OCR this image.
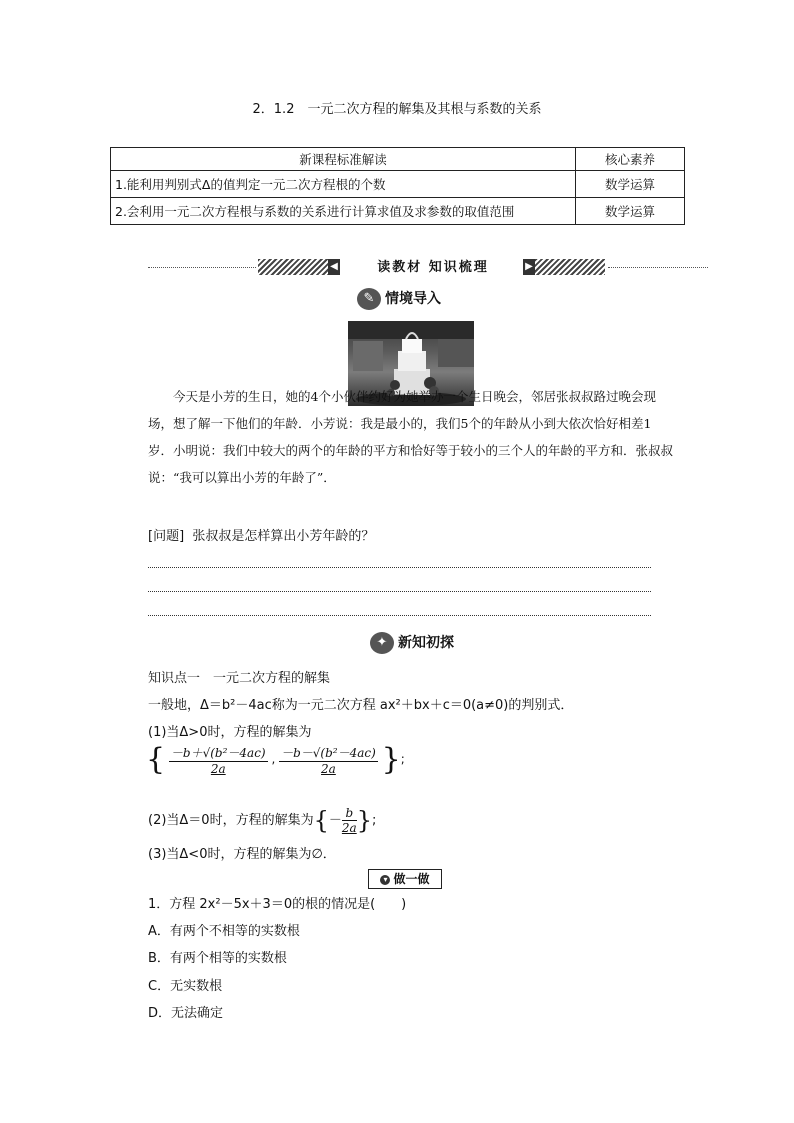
2．1.2　一元二次方程的解集及其根与系数的关系
新课程标准解读	核心素养
1.能利用判别式Δ的值判定一元二次方程根的个数	数学运算
2.会利用一元二次方程根与系数的关系进行计算求值及求参数的取值范围	数学运算
◀	读教材 知识梳理	▶
✎ 情境导入
今天是小芳的生日，她的4个小伙伴约好为她举办一个生日晚会，邻居张叔叔路过晚会现场，想了解一下他们的年龄．小芳说：我是最小的，我们5个的年龄从小到大依次恰好相差1岁．小明说：我们中较大的两个的年龄的平方和恰好等于较小的三个人的年龄的平方和．张叔叔说：“我可以算出小芳的年龄了”．
[问题] 张叔叔是怎样算出小芳年龄的？
✦ 新知初探
知识点一　一元二次方程的解集
一般地，Δ＝b²－4ac称为一元二次方程 ax²＋bx＋c＝0(a≠0)的判别式．
(1)当Δ>0时，方程的解集为
{ $\frac{\text{－b＋√(b²－4ac)}}{2a}$ , $\frac{\text{－b－√(b²－4ac)}}{2a}$ };
(2)当Δ＝0时，方程的解集为{－ $\frac{b}{2a}$ };
(3)当Δ<0时，方程的解集为∅．
▾ 做一做
1．方程 2x²－5x＋3＝0的根的情况是(　　)
A．有两个不相等的实数根
B．有两个相等的实数根
C．无实数根
D．无法确定
